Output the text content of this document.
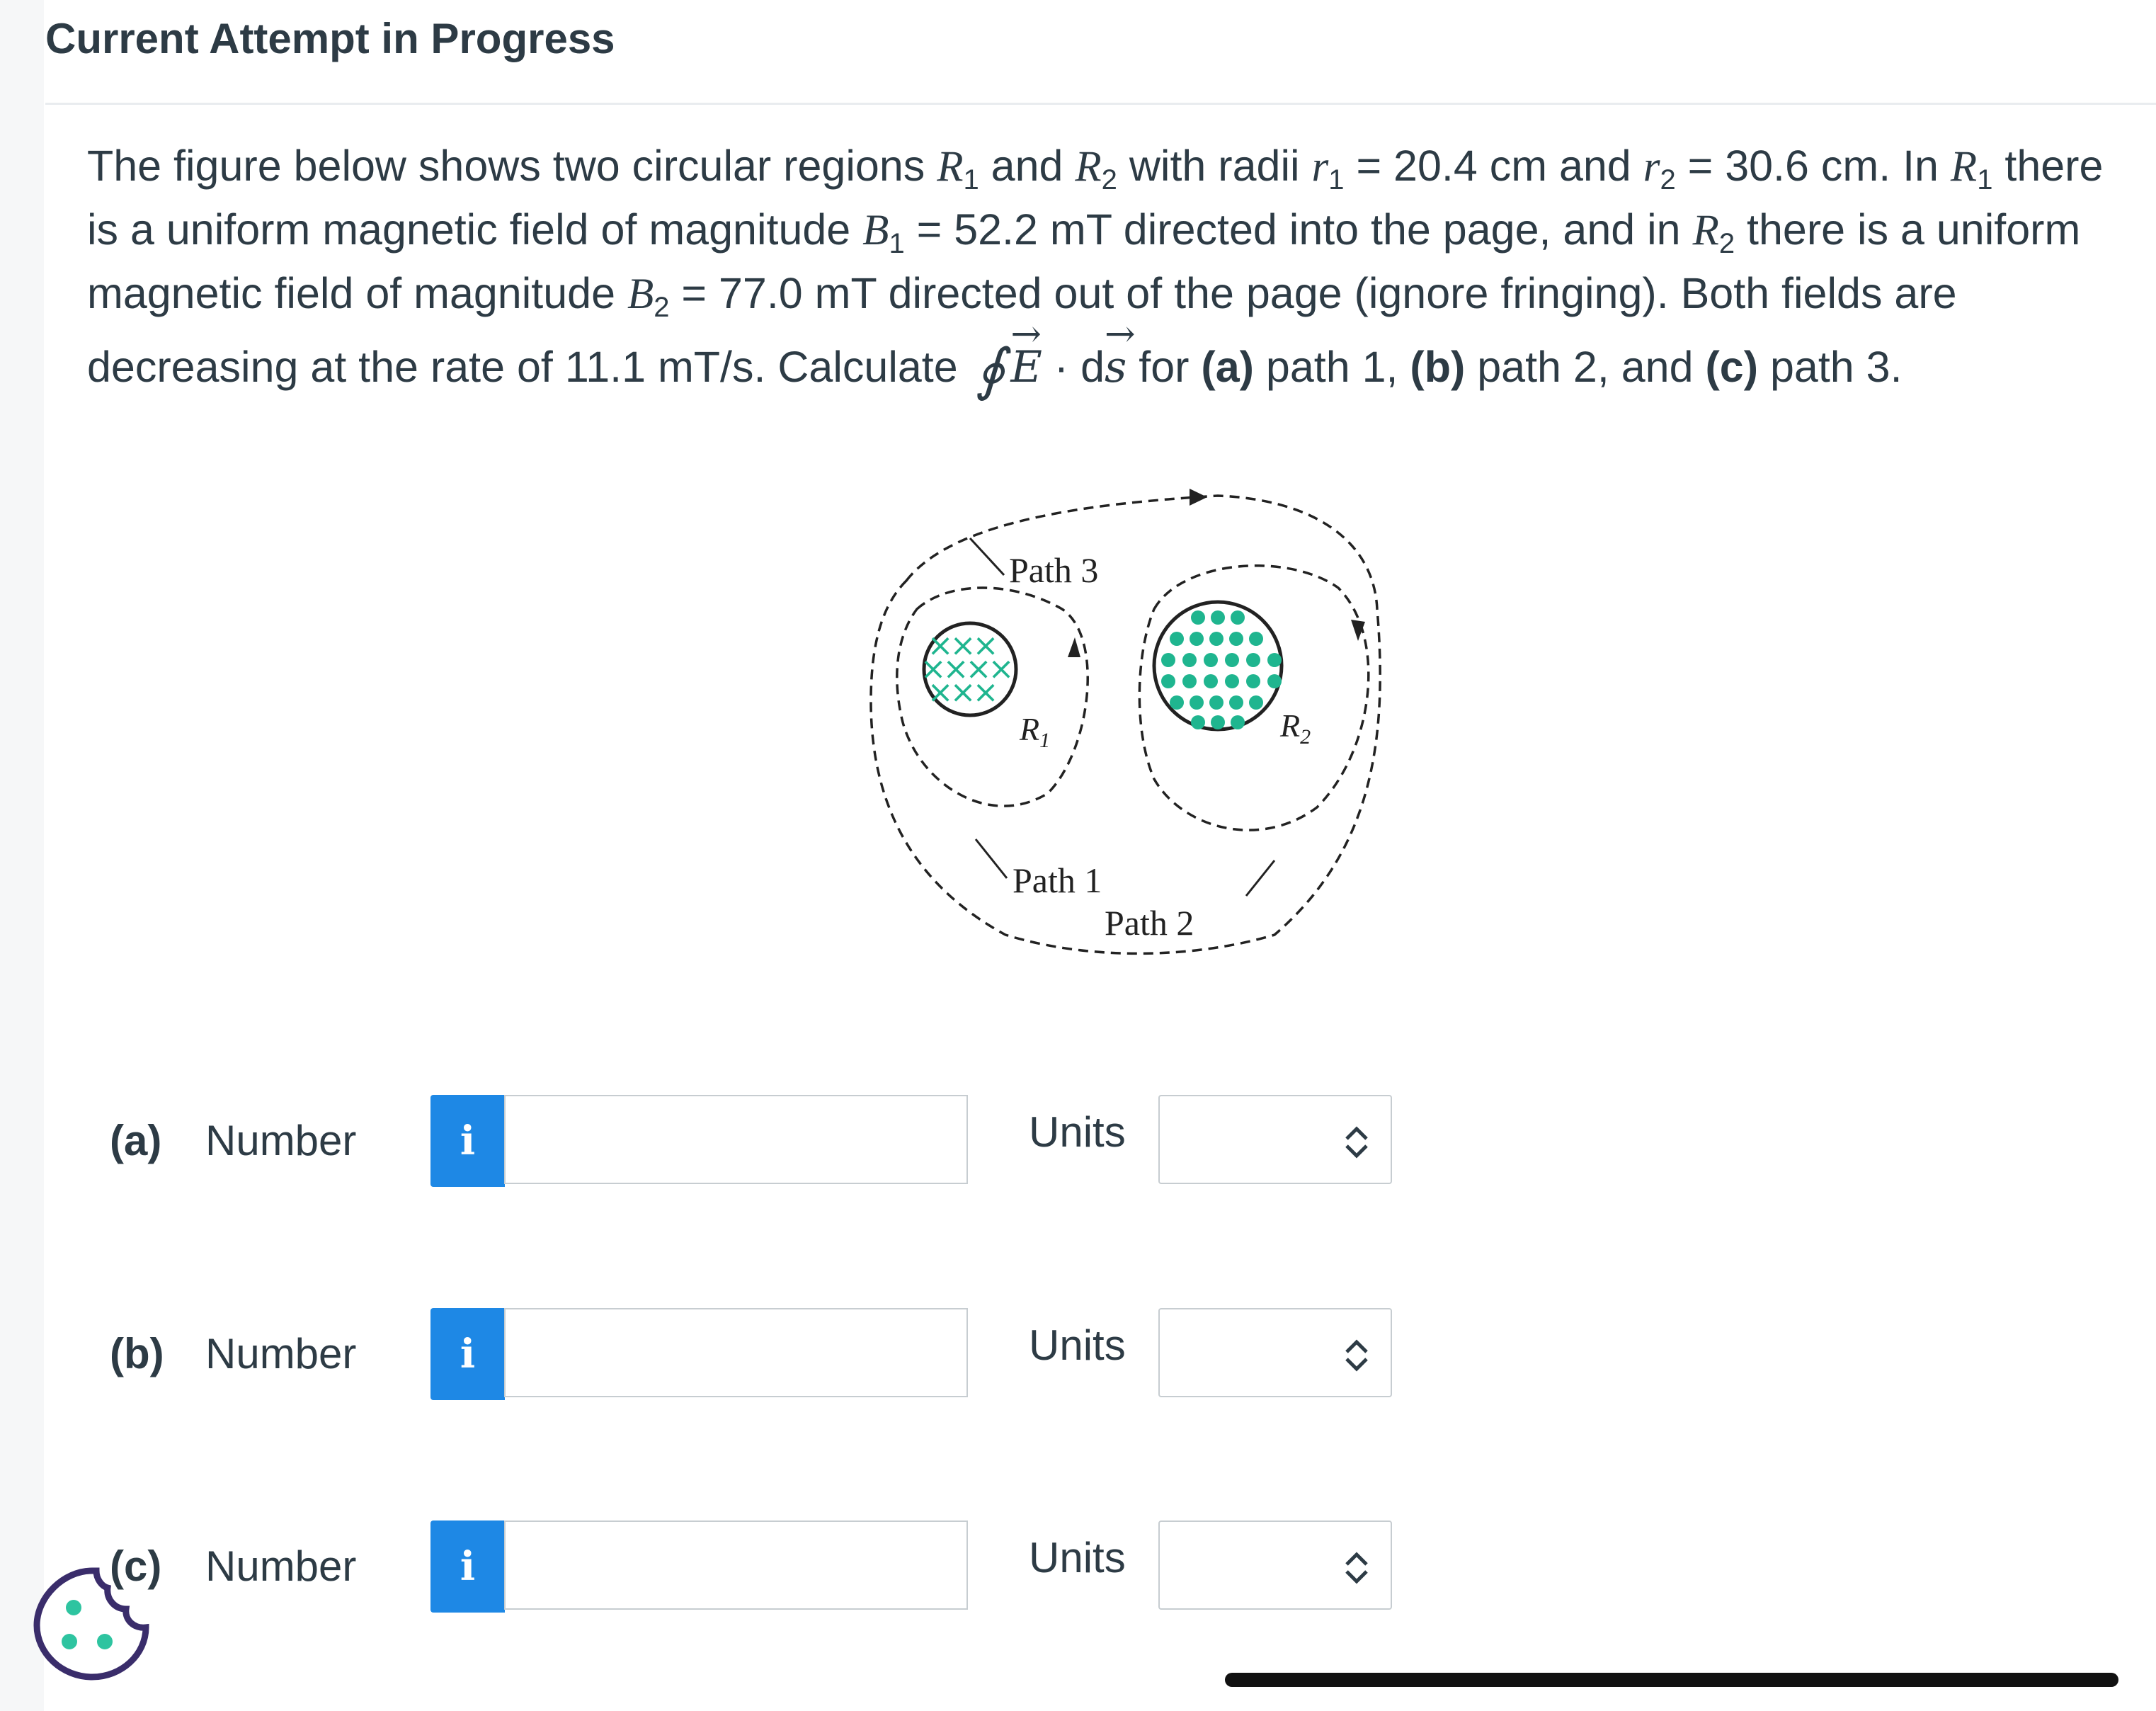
Current Attempt in Progress
The figure below shows two circular regions $R_1$ and $R_2$ with radii $r_1 = 20.4$ cm and $r_2 = 30.6$ cm. In $R_1$ there
is a uniform magnetic field of magnitude $B_1 = 52.2$ mT directed into the page, and in $R_2$ there is a uniform
magnetic field of magnitude $B_2 = 77.0$ mT directed out of the page (ignore fringing). Both fields are
decreasing at the rate of 11.1 mT/s. Calculate ∮→ E · d→ s for (a) path 1, (b) path 2, and (c) path 3.
×
×
×
×
×
×
×
×
×
×
Path 3
Path 1
Path 2
$R_1$	$R_2$
(a) Number	i	Units
(b) Number	i	Units
(c) Number	i	Units
